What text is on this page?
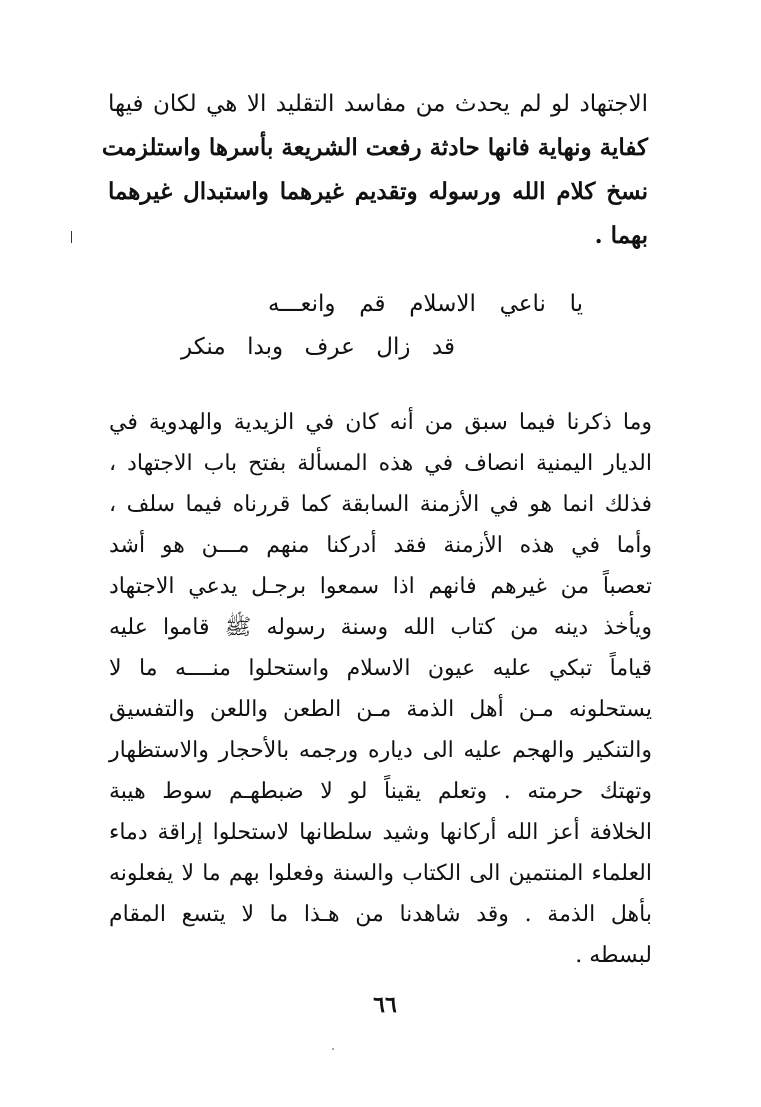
الاجتهاد لو لم يحدث من مفاسد التقليد الا هي لكان فيها
كفاية ونهاية فانها حادثة رفعت الشريعة بأسرها واستلزمت
نسخ كلام الله ورسوله وتقديم غيرهما واستبدال غيرهما
بهما .
يا ناعي الاسلام قم وانعـــه
قد زال عرف وبدا منكر
وما ذكرنا فيما سبق من أنه كان في الزيدية والهدوية في
الديار اليمنية انصاف في هذه المسألة بفتح باب الاجتهاد ،
فذلك انما هو في الأزمنة السابقة كما قررناه فيما سلف ،
وأما في هذه الأزمنة فقد أدركنا منهم مـــن هو أشد
تعصباً من غيرهم فانهم اذا سمعوا برجـل يدعي الاجتهاد
ويأخذ دينه من كتاب الله وسنة رسوله ﷺ قاموا عليه
قياماً تبكي عليه عيون الاسلام واستحلوا منــــه ما لا
يستحلونه مـن أهل الذمة مـن الطعن واللعن والتفسيق
والتنكير والهجم عليه الى دياره ورجمه بالأحجار والاستظهار
وتهتك حرمته . وتعلم يقيناً لو لا ضبطهـم سوط هيبة
الخلافة أعز الله أركانها وشيد سلطانها لاستحلوا إراقة دماء
العلماء المنتمين الى الكتاب والسنة وفعلوا بهم ما لا يفعلونه
بأهل الذمة . وقد شاهدنا من هـذا ما لا يتسع المقام
لبسطه .
٦٦
